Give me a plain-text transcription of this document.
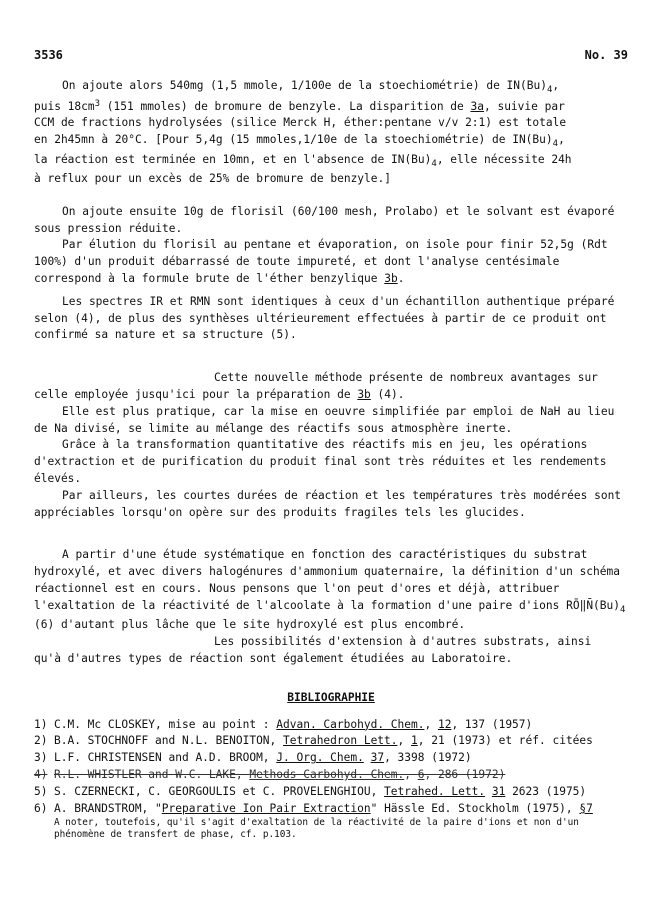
3536	No. 39

On ajoute alors 540mg (1,5 mmole, 1/100e de la stoechiométrie) de $IN(Bu)_4$,
puis $18cm^3$ (151 mmoles) de bromure de benzyle. La disparition de 3a, suivie par
CCM de fractions hydrolysées (silice Merck H, éther:pentane v/v 2:1) est totale
en 2h45mn à 20°C. [Pour 5,4g (15 mmoles,1/10e de la stoechiométrie) de $IN(Bu)_4$,
la réaction est terminée en 10mn, et en l'absence de $IN(Bu)_4$, elle nécessite 24h
à reflux pour un excès de 25% de bromure de benzyle.]

On ajoute ensuite 10g de florisil (60/100 mesh, Prolabo) et le solvant est évaporé sous pression réduite.

Par élution du florisil au pentane et évaporation, on isole pour finir 52,5g (Rdt 100%) d'un produit débarrassé de toute impureté, et dont l'analyse centésimale correspond à la formule brute de l'éther benzylique 3b.

Les spectres IR et RMN sont identiques à ceux d'un échantillon authentique préparé selon (4), de plus des synthèses ultérieurement effectuées à partir de ce produit ont confirmé sa nature et sa structure (5).

Cette nouvelle méthode présente de nombreux avantages sur
celle employée jusqu'ici pour la préparation de 3b (4).

Elle est plus pratique, car la mise en oeuvre simplifiée par emploi de NaH au lieu de Na divisé, se limite au mélange des réactifs sous atmosphère inerte.

Grâce à la transformation quantitative des réactifs mis en jeu, les opérations d'extraction et de purification du produit final sont très réduites et les rendements élevés.

Par ailleurs, les courtes durées de réaction et les températures très modérées sont appréciables lorsqu'on opère sur des produits fragiles tels les glucides.

A partir d'une étude systématique en fonction des caractéristiques du substrat hydroxylé, et avec divers halogénures d'ammonium quaternaire, la définition d'un schéma réactionnel est en cours. Nous pensons que l'on peut d'ores et déjà, attribuer l'exaltation de la réactivité de l'alcoolate à la formation d'une paire d'ions $RŌ‖N̄(Bu)_4$ (6) d'autant plus lâche que le site hydroxylé est plus encombré.

Les possibilités d'extension à d'autres substrats, ainsi
qu'à d'autres types de réaction sont également étudiées au Laboratoire.

BIBLIOGRAPHIE
1) C.M. Mc CLOSKEY, mise au point : Advan. Carbohyd. Chem., 12, 137 (1957)
2) B.A. STOCHNOFF and N.L. BENOITON, Tetrahedron Lett., 1, 21 (1973) et réf. citées
3) L.F. CHRISTENSEN and A.D. BROOM, J. Org. Chem. 37, 3398 (1972)
4) R.L. WHISTLER and W.C. LAKE, Methods Carbohyd. Chem., 6, 286 (1972)
5) S. CZERNECKI, C. GEORGOULIS et C. PROVELENGHIOU, Tetrahed. Lett. 31 2623 (1975)
6) A. BRANDSTROM, "Preparative Ion Pair Extraction" Hässle Ed. Stockholm (1975), §7
A noter, toutefois, qu'il s'agit d'exaltation de la réactivité de la paire d'ions et non d'un phénomène de transfert de phase, cf. p.103.
